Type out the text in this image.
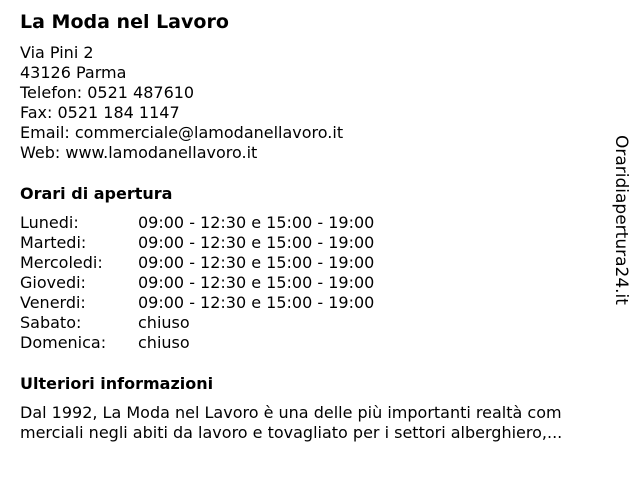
La Moda nel Lavoro
Via Pini 2
43126 Parma
Telefon: 0521 487610
Fax: 0521 184 1147
Email: commerciale@lamodanellavoro.it
Web: www.lamodanellavoro.it
Orari di apertura
Lunedi:	09:00 - 12:30 e 15:00 - 19:00
Martedi:	09:00 - 12:30 e 15:00 - 19:00
Mercoledi:	09:00 - 12:30 e 15:00 - 19:00
Giovedi:	09:00 - 12:30 e 15:00 - 19:00
Venerdi:	09:00 - 12:30 e 15:00 - 19:00
Sabato:	chiuso
Domenica:	chiuso
Ulteriori informazioni
Dal 1992, La Moda nel Lavoro è una delle più importanti realtà com
merciali negli abiti da lavoro e tovagliato per i settori alberghiero,...
Oraridiapertura24.it
